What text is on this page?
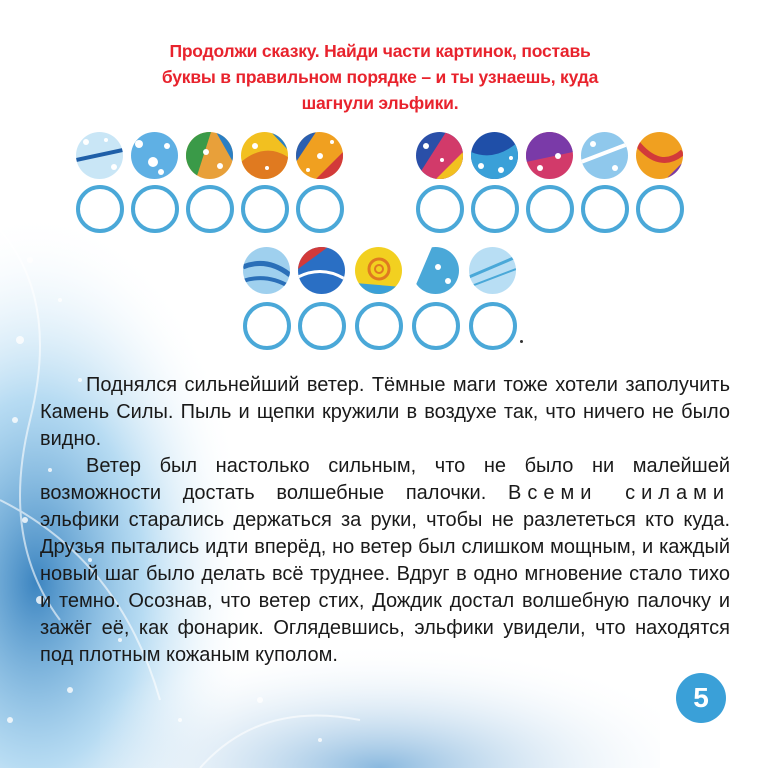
Продолжи сказку. Найди части картинок, поставь
буквы в правильном порядке – и ты узнаешь, куда
шагнули эльфики.

Поднялся сильнейший ветер. Тёмные маги тоже хотели заполучить Камень Силы. Пыль и щепки кружили в воздухе так, что ничего не было видно.

Ветер был настолько сильным, что не было ни малейшей возможности достать волшебные палочки. Всеми силами эльфики старались держаться за руки, чтобы не разлететься кто куда. Друзья пытались идти вперёд, но ветер был слишком мощным, и каждый новый шаг было делать всё труднее. Вдруг в одно мгновение стало тихо и темно. Осознав, что ветер стих, Дождик достал волшебную палочку и зажёг её, как фонарик. Оглядевшись, эльфики увидели, что находятся под плотным кожаным куполом.

5
